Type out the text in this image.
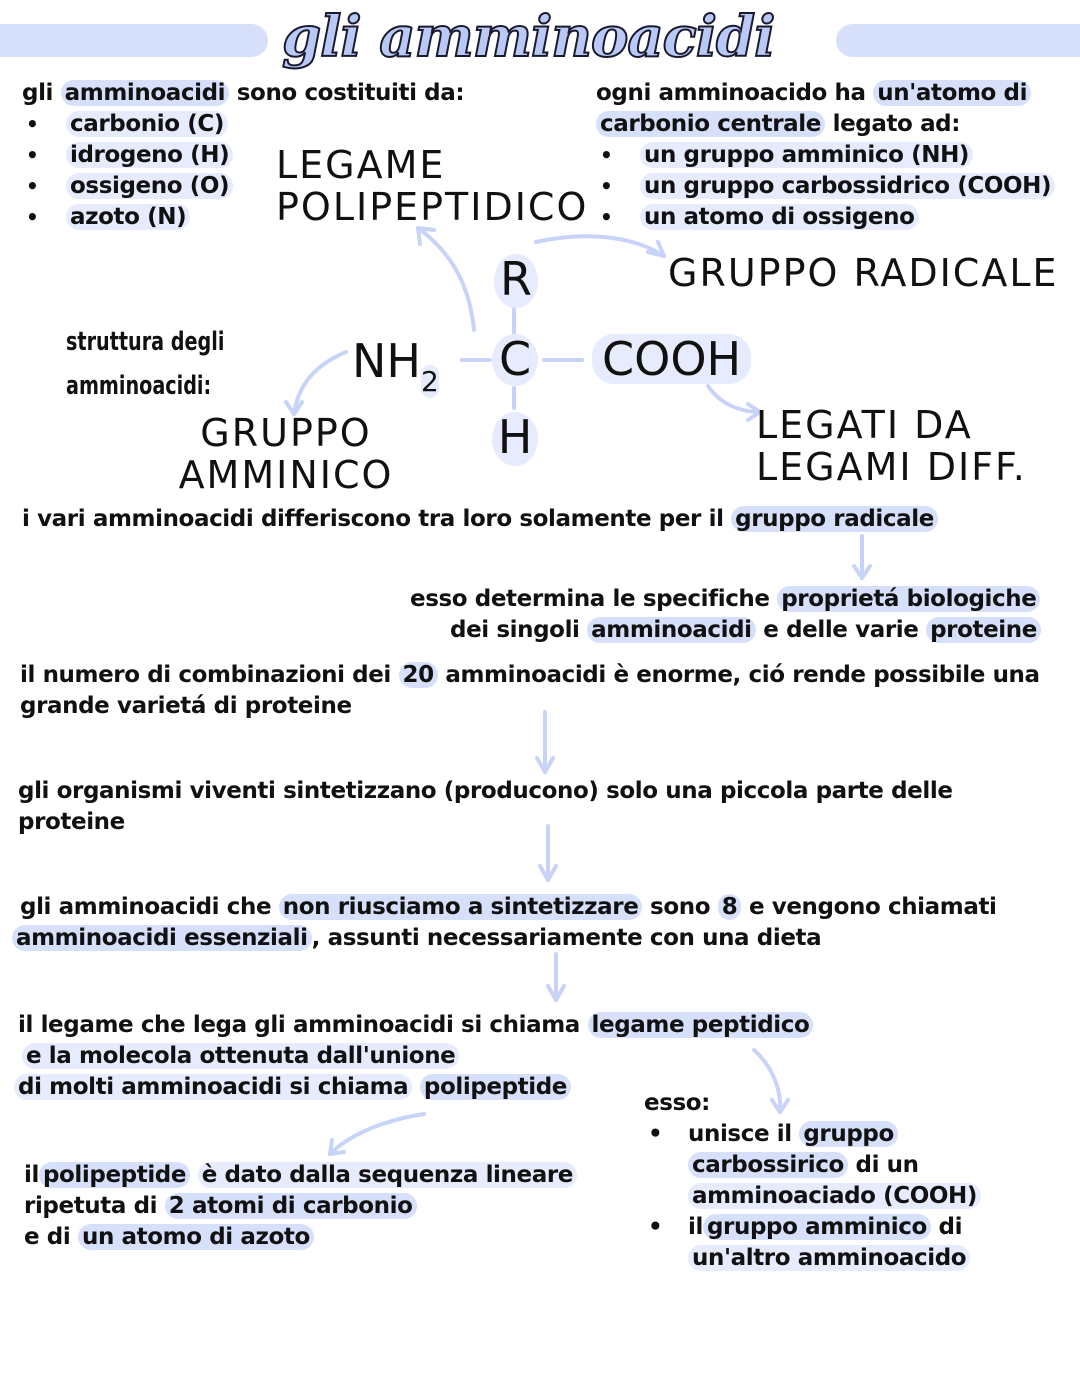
gli amminoacidi
gli amminoacidi sono costituiti da:
• carbonio (C)
• idrogeno (H)
• ossigeno (O)
• azoto (N)
ogni amminoacido ha un'atomo di
carbonio centrale legato ad:
• un gruppo amminico (NH)
• un gruppo carbossidrico (COOH)
• un atomo di ossigeno
LEGAME
POLIPEPTIDICO
GRUPPO RADICALE
struttura degli
amminoacidi:
R
C
H
$NH_2$	COOH
GRUPPO
AMMINICO
LEGATI DA
LEGAMI DIFF.
i vari amminoacidi differiscono tra loro solamente per il gruppo radicale
esso determina le specifiche proprietá biologiche
dei singoli amminoacidi e delle varie proteine
il numero di combinazioni dei 20 amminoacidi è enorme, ció rende possibile una
grande varietá di proteine
gli organismi viventi sintetizzano (producono) solo una piccola parte delle
proteine
gli amminoacidi che non riusciamo a sintetizzare sono 8 e vengono chiamati
amminoacidi essenziali , assunti necessariamente con una dieta
il legame che lega gli amminoacidi si chiama legame peptidico
e la molecola ottenuta dall'unione
di molti amminoacidi si chiama polipeptide
il polipeptide è dato dalla sequenza lineare
ripetuta di 2 atomi di carbonio
e di un atomo di azoto
esso:
• unisce il gruppo
carbossirico di un
amminoaciado (COOH)
• il gruppo amminico di
un'altro amminoacido
